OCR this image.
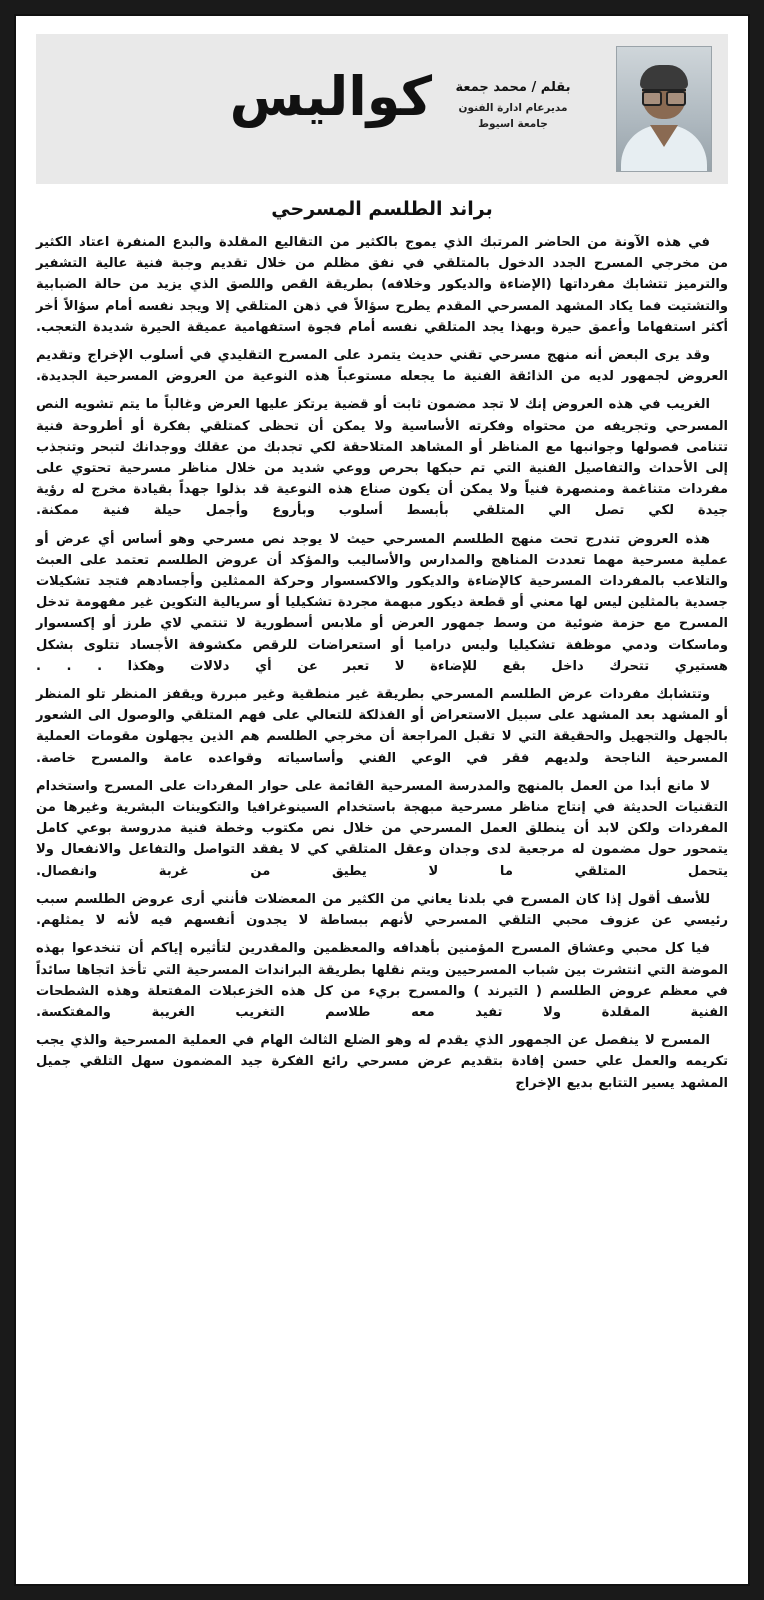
بقلم / محمد جمعة
مديرعام ادارة الفنون
جامعة اسيوط
كواليس
براند الطلسم المسرحي

في هذه الآونة من الحاضر المرتبك الذي يموج بالكثير من التقاليع المقلدة والبدع المنفرة اعتاد الكثير من مخرجي المسرح الجدد الدخول بالمتلقي في نفق مظلم من خلال تقديم وجبة فنية عالية التشفير والترميز تتشابك مفرداتها (الإضاءة والديكور وخلافه) بطريقة القص واللصق الذي يزيد من حالة الضبابية والتشتيت فما يكاد المشهد المسرحي المقدم يطرح سؤالاً في ذهن المتلقي إلا ويجد نفسه أمام سؤالاً أخر أكثر استفهاما وأعمق حيرة وبهذا يجد المتلقي نفسه أمام فجوة استفهامية عميقة الحيرة شديدة التعجب.

وقد يرى البعض أنه منهج مسرحي تقني حديث يتمرد على المسرح التقليدي في أسلوب الإخراج وتقديم العروض لجمهور لديه من الذائقة الفنية ما يجعله مستوعباً هذه النوعية من العروض المسرحية الجديدة.

الغريب في هذه العروض إنك لا تجد مضمون ثابت أو قضية يرتكز عليها العرض وغالباً ما يتم تشويه النص المسرحي وتجريفه من محتواه وفكرته الأساسية ولا يمكن أن تحظى كمتلقي بفكرة أو أطروحة فنية تتنامى فصولها وجوانبها مع المناظر أو المشاهد المتلاحقة لكي تجدبك من عقلك ووجدانك لتبحر وتنجذب إلى الأحداث والتفاصيل الفنية التي تم حبكها بحرص ووعي شديد من خلال مناظر مسرحية تحتوي على مفردات متناغمة ومنصهرة فنياً ولا يمكن أن يكون صناع هذه النوعية قد بذلوا جهداً بقيادة مخرج له رؤية جيدة لكي تصل الي المتلقي بأبسط أسلوب وبأروع وأجمل حيلة فنية ممكنة.

هذه العروض تندرج تحت منهج الطلسم المسرحي حيث لا يوجد نص مسرحي وهو أساس أي عرض أو عملية مسرحية مهما تعددت المناهج والمدارس والأساليب والمؤكد أن عروض الطلسم تعتمد على العبث والتلاعب بالمفردات المسرحية كالإضاءة والديكور والاكسسوار وحركة الممثلين وأجسادهم فتجد تشكيلات جسدية بالمثلين ليس لها معني أو قطعة ديكور مبهمة مجردة تشكيليا أو سريالية التكوين غير مفهومة تدخل المسرح مع حزمة ضوئية من وسط جمهور العرض أو ملابس أسطورية لا تنتمي لاي طرز أو إكسسوار وماسكات ودمي موظفة تشكيليا وليس دراميا أو استعراضات للرقص مكشوفة الأجساد تتلوى بشكل هستيري تتحرك داخل بقع للإضاءة لا تعبر عن أي دلالات وهكذا . . .

وتتشابك مفردات عرض الطلسم المسرحي بطريقة غير منطقية وغير مبررة ويقفز المنظر تلو المنظر أو المشهد بعد المشهد على سبيل الاستعراض أو الفذلكة للتعالي على فهم المتلقي والوصول الى الشعور بالجهل والتجهيل والحقيقة التي لا تقبل المراجعة أن مخرجي الطلسم هم الذين يجهلون مقومات العملية المسرحية الناجحة ولديهم فقر في الوعي الفني وأساسياته وقواعده عامة والمسرح خاصة.

لا مانع أبدا من العمل بالمنهج والمدرسة المسرحية القائمة على حوار المفردات على المسرح واستخدام التقنيات الحديثة في إنتاج مناظر مسرحية مبهجة باستخدام السينوغرافيا والتكوينات البشرية وغيرها من المفردات ولكن لابد أن ينطلق العمل المسرحي من خلال نص مكتوب وخطة فنية مدروسة بوعي كامل يتمحور حول مضمون له مرجعية لدى وجدان وعقل المتلقي كي لا يفقد التواصل والتفاعل والانفعال ولا يتحمل المتلقي ما لا يطيق من غربة وانفصال.

للأسف أقول إذا كان المسرح في بلدنا يعاني من الكثير من المعضلات فأنني أرى عروض الطلسم سبب رئيسي عن عزوف محبي التلقي المسرحي لأنهم ببساطة لا يجدون أنفسهم فيه لأنه لا يمثلهم.

فيا كل محبي وعشاق المسرح المؤمنين بأهدافه والمعظمين والمقدرين لتأثيره إياكم أن تنخدعوا بهذه الموضة التي انتشرت بين شباب المسرحيين ويتم نقلها بطريقة البراندات المسرحية التي تأخذ اتجاها سائداً في معظم عروض الطلسم ( التيرند ) والمسرح بريء من كل هذه الخزعبلات المفتعلة وهذه الشطحات الفنية المقلدة ولا تفيد معه طلاسم التغريب الغريبة والمفتكسة.

المسرح لا ينفصل عن الجمهور الذي يقدم له وهو الضلع الثالث الهام في العملية المسرحية والذي يجب تكريمه والعمل علي حسن إفادة بتقديم عرض مسرحي رائع الفكرة جيد المضمون سهل التلقي جميل المشهد يسير التتابع بديع الإخراج
